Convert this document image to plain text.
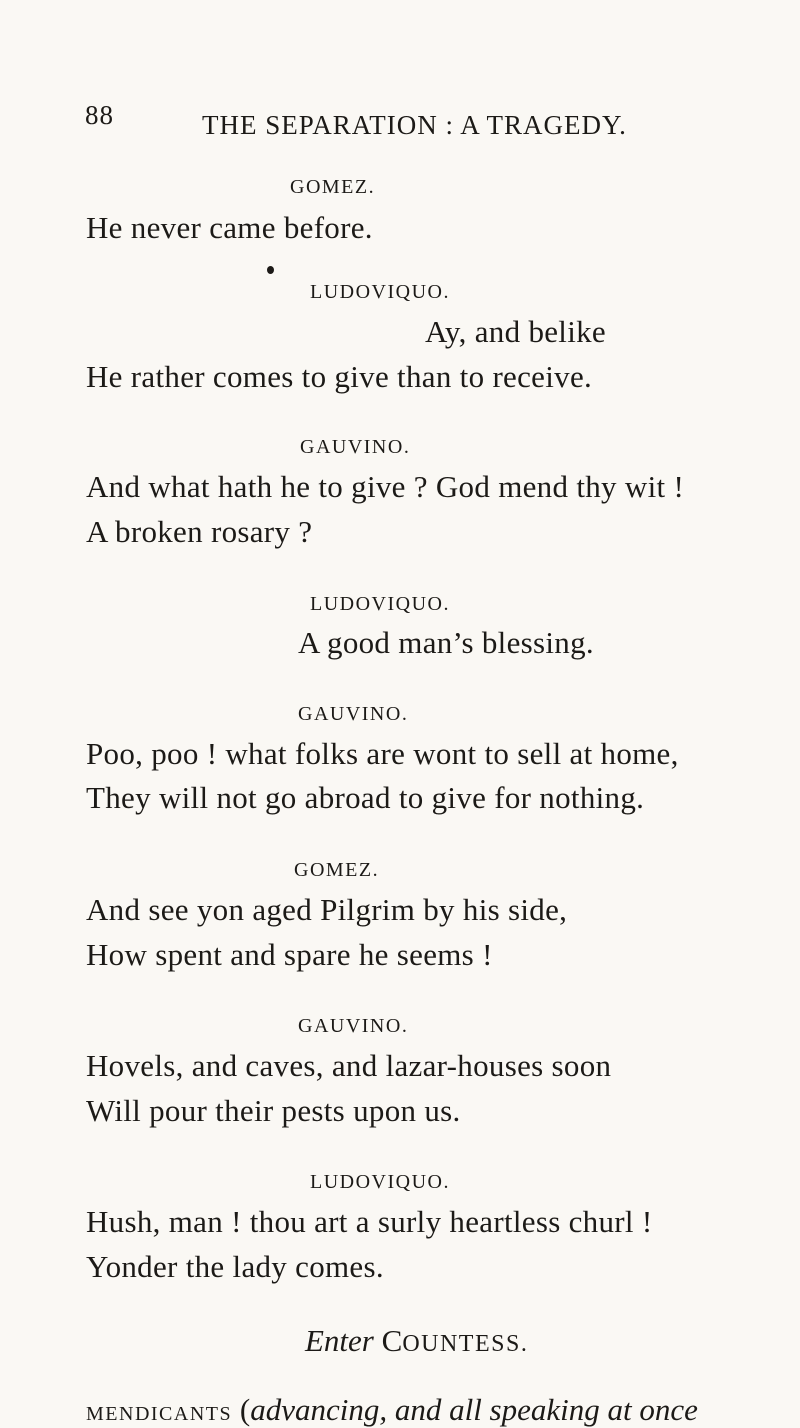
88	THE SEPARATION : A TRAGEDY.
GOMEZ.
He never came before.
LUDOVIQUO.
Ay, and belike
He rather comes to give than to receive.
GAUVINO.
And what hath he to give ? God mend thy wit !
A broken rosary ?
LUDOVIQUO.
A good man’s blessing.
GAUVINO.
Poo, poo ! what folks are wont to sell at home,
They will not go abroad to give for nothing.
GOMEZ.
And see yon aged Pilgrim by his side,
How spent and spare he seems !
GAUVINO.
Hovels, and caves, and lazar-houses soon
Will pour their pests upon us.
LUDOVIQUO.
Hush, man ! thou art a surly heartless churl !
Yonder the lady comes.
Enter COUNTESS.
MENDICANTS (advancing, and all speaking at once
